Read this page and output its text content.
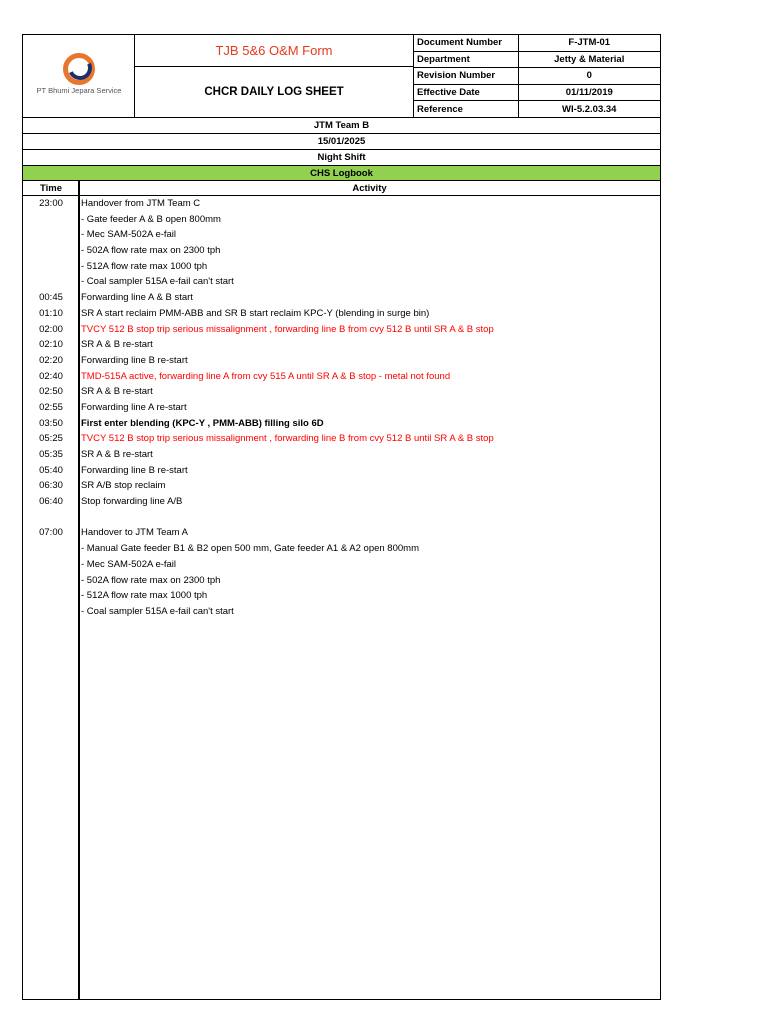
PT Bhumi Jepara Service
TJB 5&6 O&M Form
CHCR DAILY LOG SHEET
Document Number	F-JTM-01
Department	Jetty & Material
Revision Number	0
Effective Date	01/11/2019
Reference	WI-5.2.03.34
JTM Team B
15/01/2025
Night Shift
CHS Logbook
Time	Activity
23:00	Handover from JTM Team C
- Gate feeder A & B open 800mm
- Mec SAM-502A e-fail
- 502A flow rate max on 2300 tph
- 512A flow rate max 1000 tph
- Coal sampler 515A e-fail can't start
00:45	Forwarding line A & B start
01:10	SR A start reclaim PMM-ABB and SR B start reclaim KPC-Y (blending in surge bin)
02:00	TVCY 512 B stop trip serious missalignment , forwarding line B from cvy 512 B until SR A & B stop
02:10	SR A & B re-start
02:20	Forwarding line B re-start
02:40	TMD-515A active, forwarding line A from cvy 515 A until SR A & B stop - metal not found
02:50	SR A & B re-start
02:55	Forwarding line A re-start
03:50	First enter blending (KPC-Y , PMM-ABB) filling silo 6D
05:25	TVCY 512 B stop trip serious missalignment , forwarding line B from cvy 512 B until SR A & B stop
05:35	SR A & B re-start
05:40	Forwarding line B re-start
06:30	SR A/B stop reclaim
06:40	Stop forwarding line A/B
07:00	Handover to JTM Team A
- Manual Gate feeder B1 & B2 open 500 mm, Gate feeder A1 & A2 open 800mm
- Mec SAM-502A e-fail
- 502A flow rate max on 2300 tph
- 512A flow rate max 1000 tph
- Coal sampler 515A e-fail can't start
